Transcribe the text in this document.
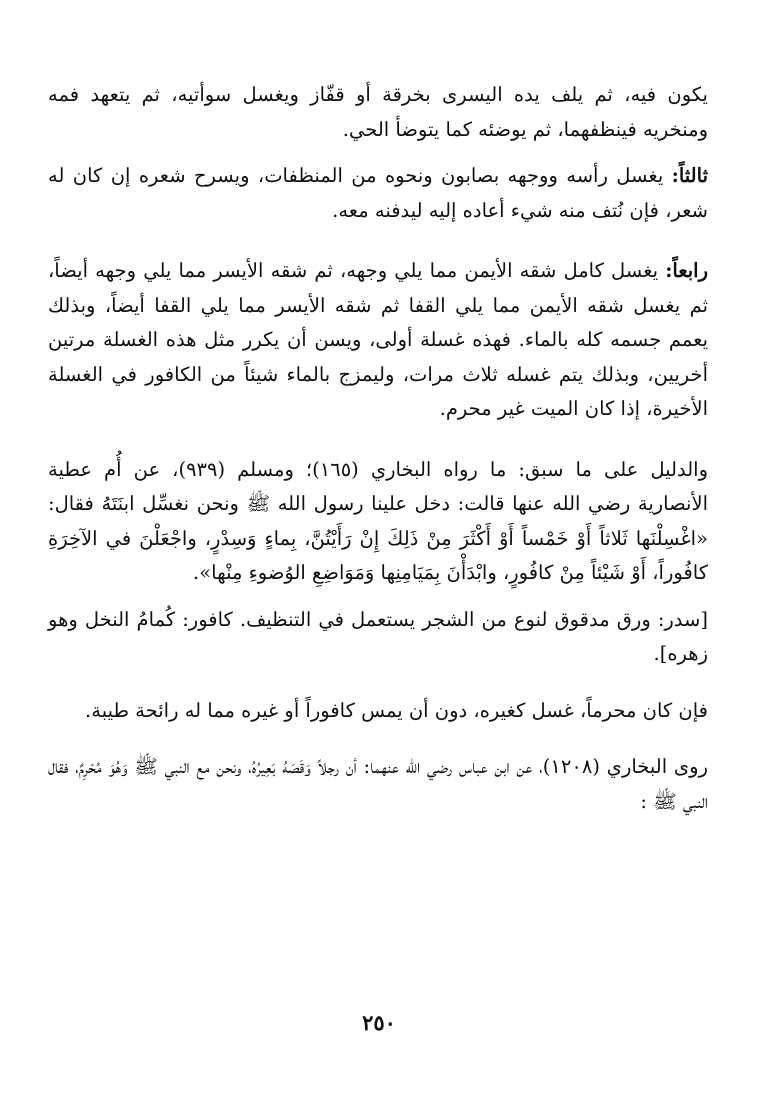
يكون فيه، ثم يلف يده اليسرى بخرقة أو قفّاز ويغسل سوأتيه، ثم يتعهد فمه ومنخريه فينظفهما، ثم يوضئه كما يتوضأ الحي.

ثالثاً: يغسل رأسه ووجهه بصابون ونحوه من المنظفات، ويسرح شعره إن كان له شعر، فإن نُتف منه شيء أعاده إليه ليدفنه معه.

رابعاً: يغسل كامل شقه الأيمن مما يلي وجهه، ثم شقه الأيسر مما يلي وجهه أيضاً، ثم يغسل شقه الأيمن مما يلي القفا ثم شقه الأيسر مما يلي القفا أيضاً، وبذلك يعمم جسمه كله بالماء. فهذه غسلة أولى، ويسن أن يكرر مثل هذه الغسلة مرتين أخريين، وبذلك يتم غسله ثلاث مرات، وليمزج بالماء شيئاً من الكافور في الغسلة الأخيرة، إذا كان الميت غير محرم.

والدليل على ما سبق: ما رواه البخاري (١٦٥)؛ ومسلم (٩٣٩)، عن أُم عطية الأنصارية رضي الله عنها قالت: دخل علينا رسول الله ﷺ ونحن نغسِّل ابنَتَهُ فقال: «اغْسِلْنَها ثَلاثاً أَوْ خَمْساً أَوْ أَكْثَرَ مِنْ ذَلِكَ إِنْ رَأَيْتُنَّ، بِماءٍ وَسِدْرٍ، واجْعَلْنَ في الآخِرَةِ كافُوراً، أَوْ شَيْئاً مِنْ كافُورٍ، وابْدَأْنَ بِمَيَامِنِها وَمَوَاضِعِ الوُضوءِ مِنْها».

[سدر: ورق مدقوق لنوع من الشجر يستعمل في التنظيف. كافور: كُمامُ النخل وهو زهره].

فإن كان محرماً، غسل كغيره، دون أن يمس كافوراً أو غيره مما له رائحة طيبة.

روى البخاري (١٢٠٨)، عن ابن عباس رضي الله عنهما: أن رجلاً وَقَصَهُ بَعِيرُهُ، ونحن مع النبي ﷺ وَهُوَ مُحْرِمٌ، فقال النبي ﷺ :

٢٥٠
